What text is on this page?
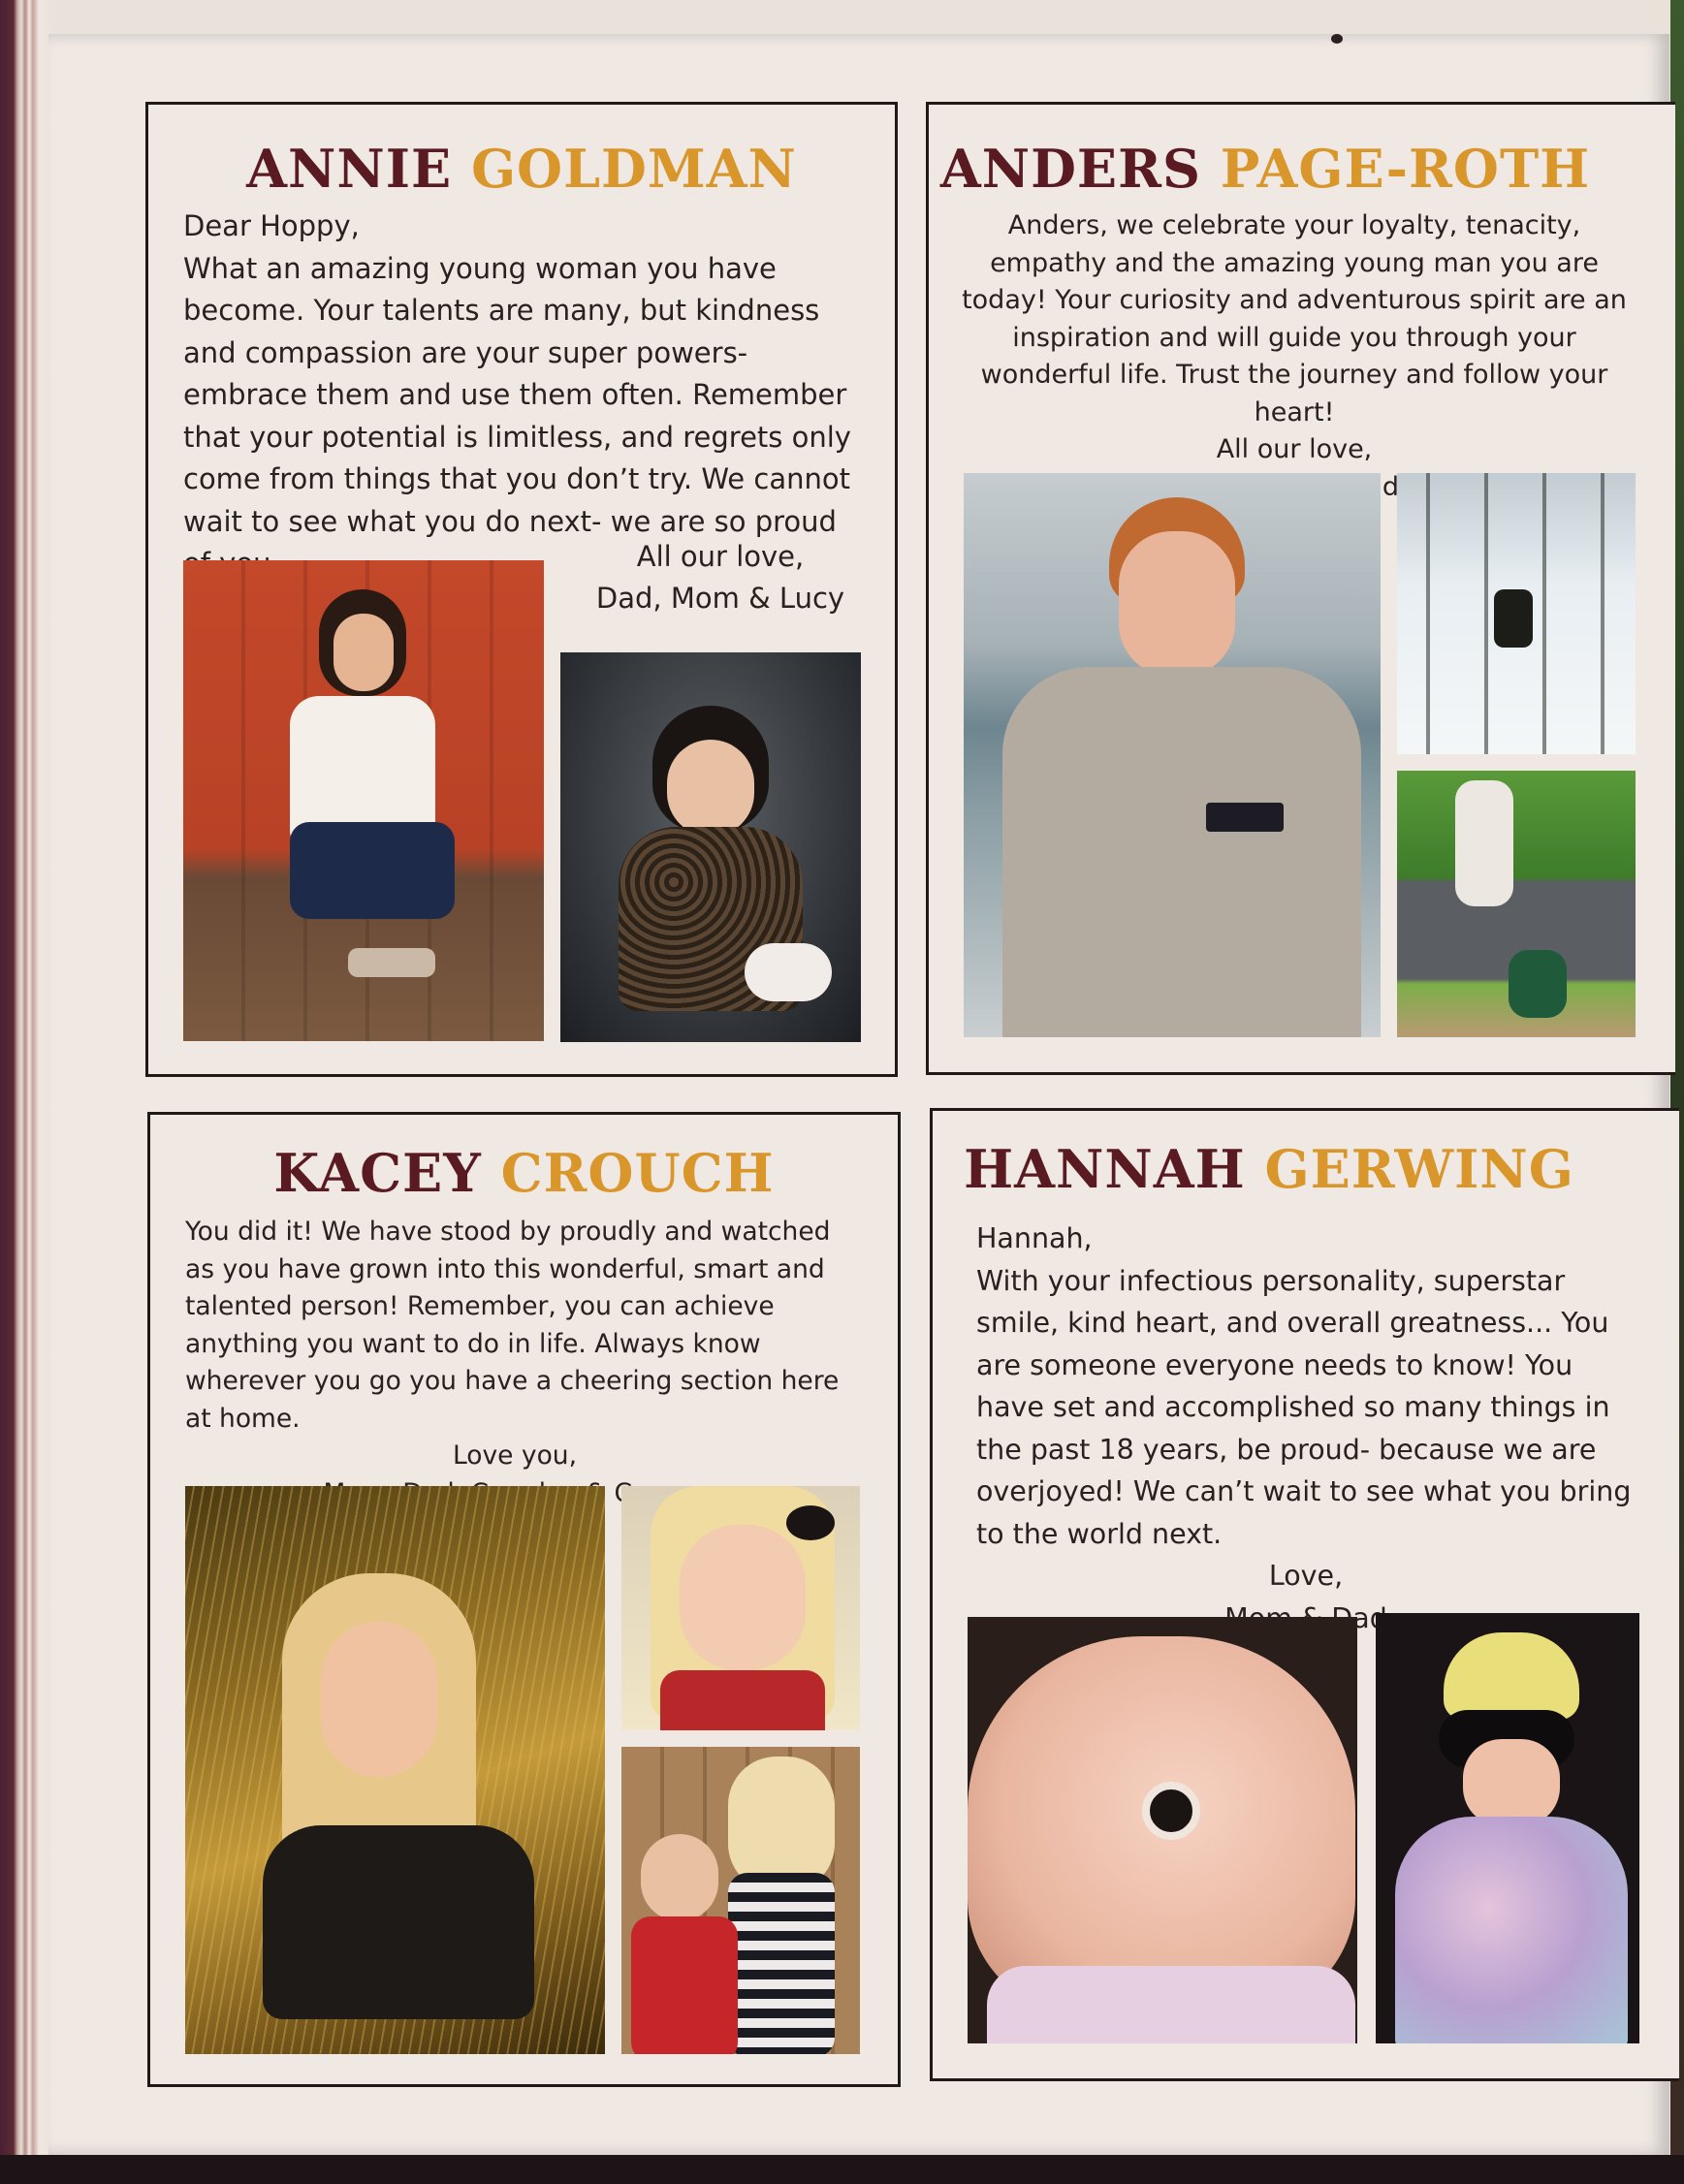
ANNIE GOLDMAN

Dear Hoppy,

What an amazing young woman you have become. Your talents are many, but kindness and compassion are your super powers- embrace them and use them often. Remember that your potential is limitless, and regrets only come from things that you don’t try. We cannot wait to see what you do next- we are so proud

All our love,

Dad, Mom & Lucy

ANDERS PAGE-ROTH

Anders, we celebrate your loyalty, tenacity, empathy and the amazing young man you are today! Your curiosity and adventurous spirit are an inspiration and will guide you through your wonderful life. Trust the journey and follow your heart!

All our love,

KACEY CROUCH

You did it! We have stood by proudly and watched as you have grown into this wonderful, smart and talented person! Remember, you can achieve anything you want to do in life. Always know wherever you go you have a cheering section here at home.

Love you,

HANNAH GERWING

Hannah,

With your infectious personality, superstar smile, kind heart, and overall greatness... You are someone everyone needs to know! You have set and accomplished so many things in the past 18 years, be proud- because we are overjoyed! We can’t wait to see what you bring to the world next.

Love,

Dad
